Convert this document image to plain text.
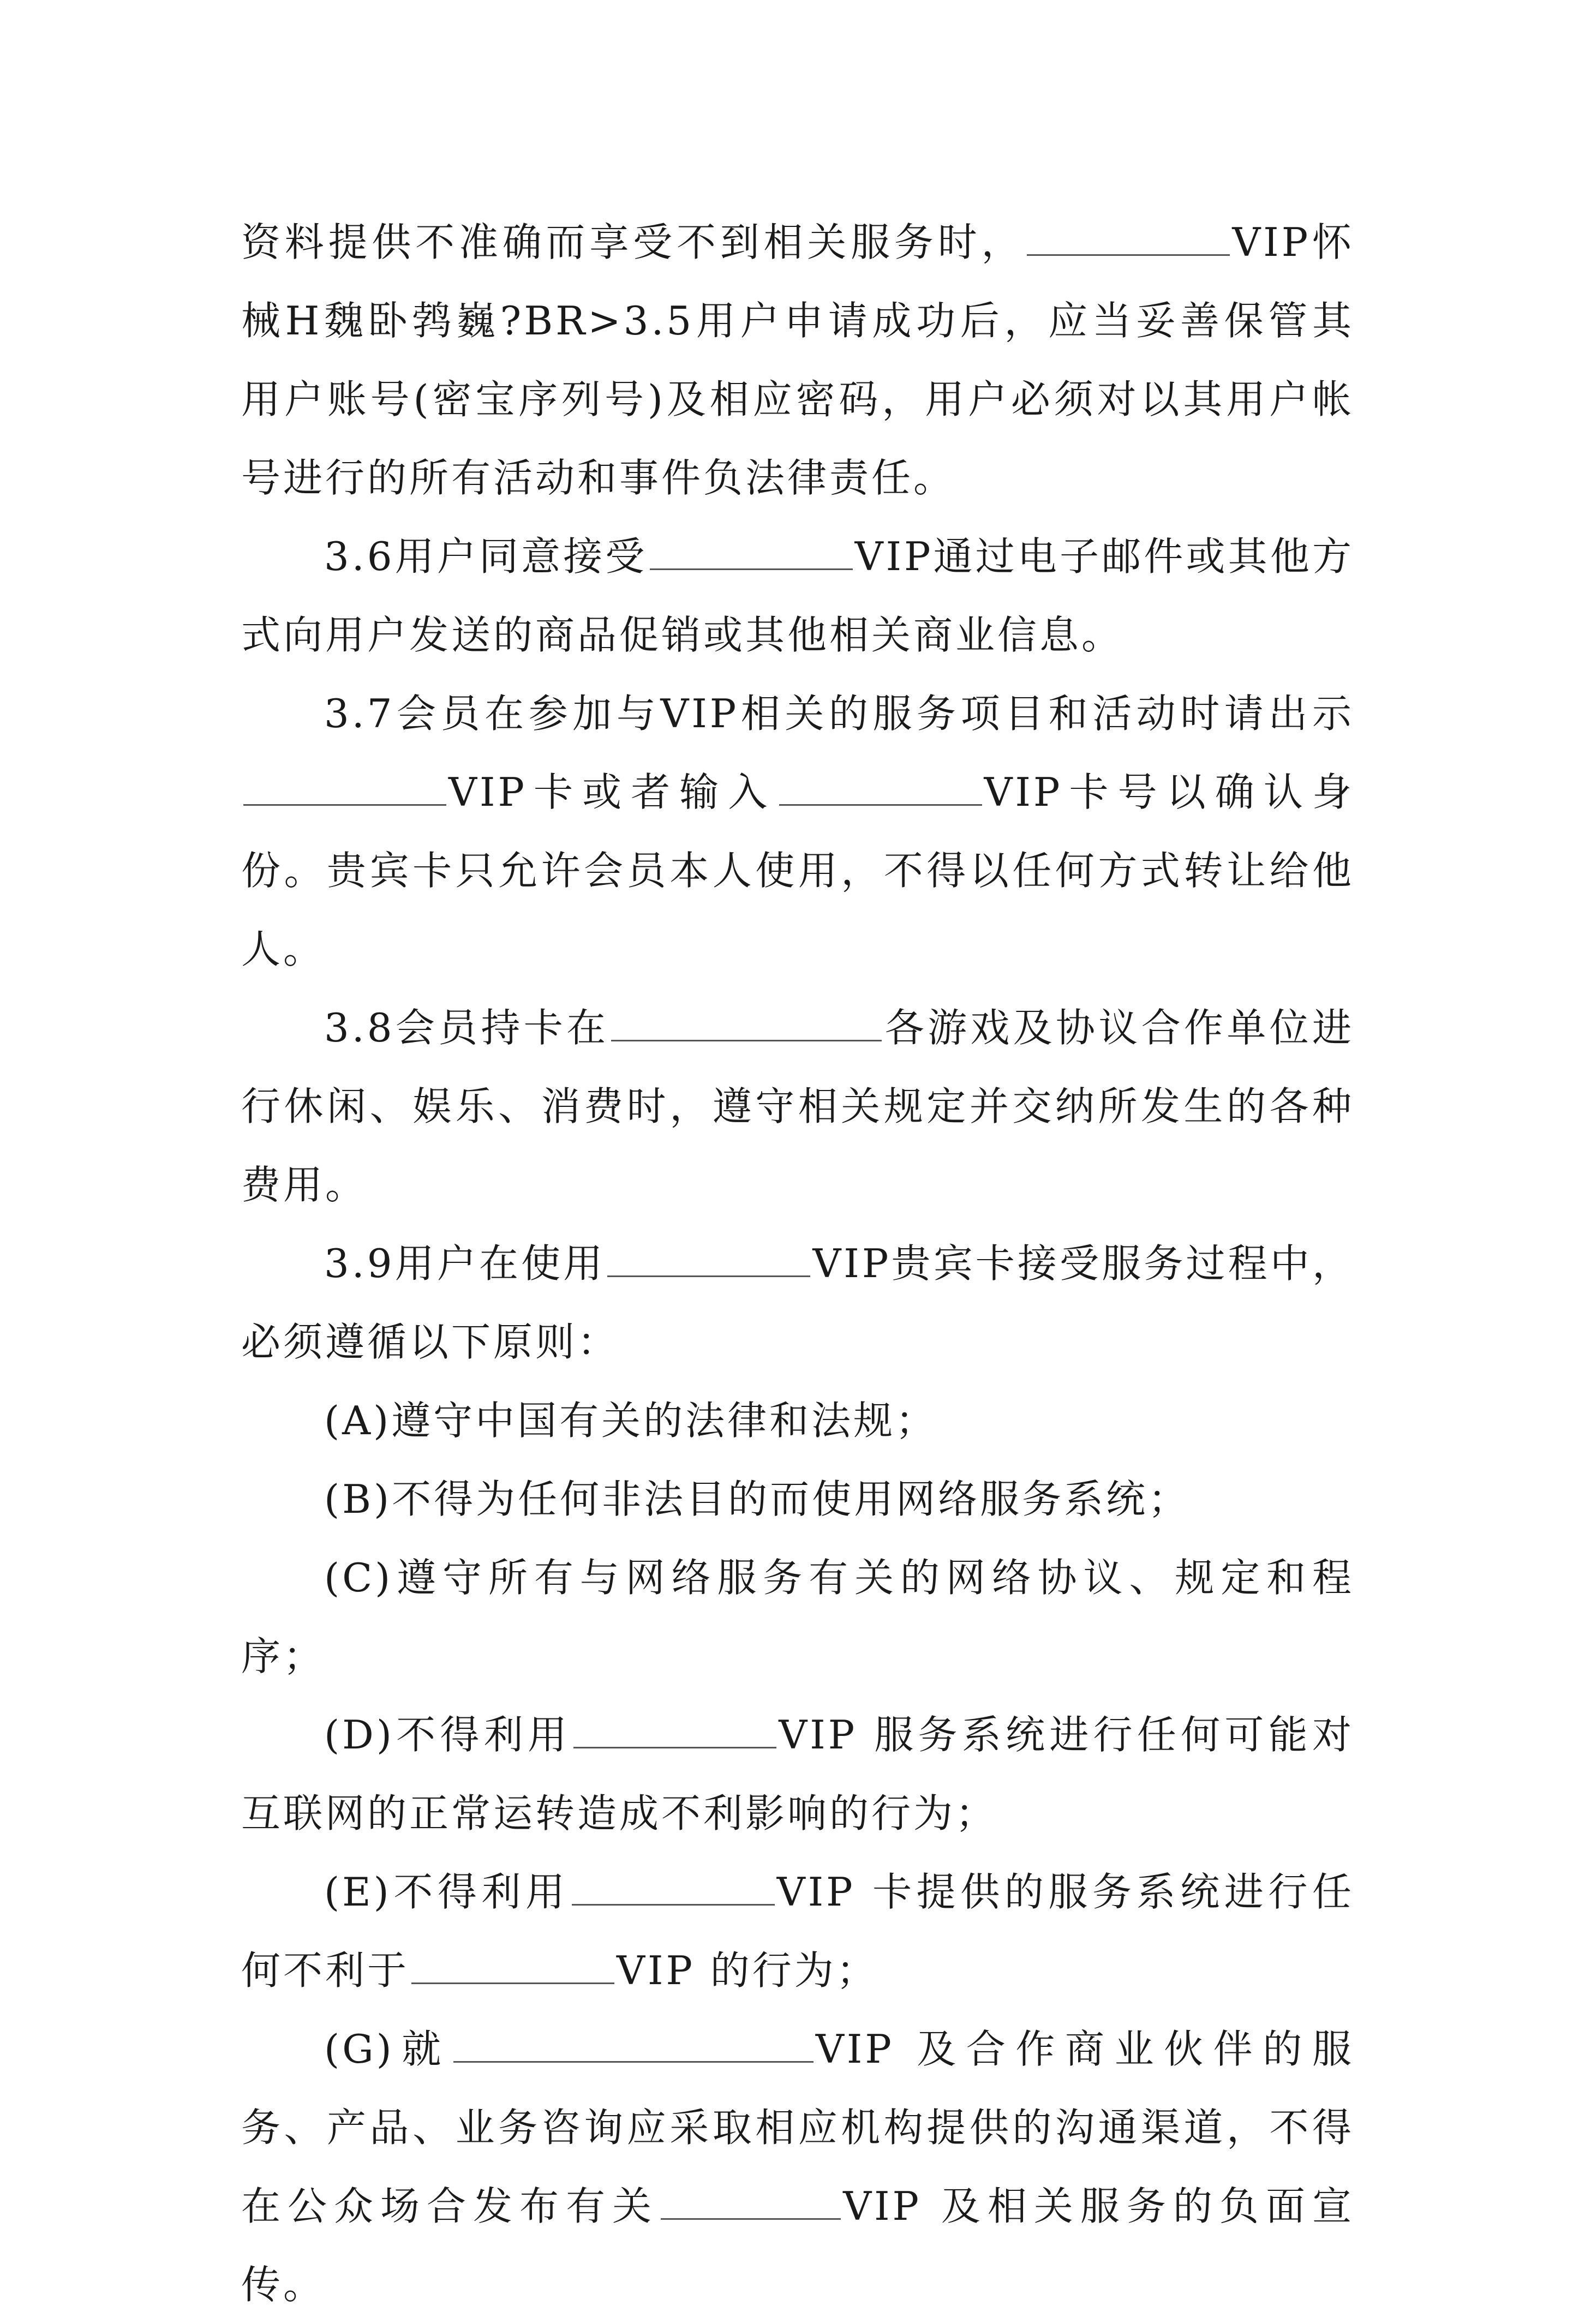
资料提供不准确而享受不到相关服务时，	VIP怀械H魏卧鹁巍?BR>3.5用户申请成功后，应当妥善保管其用户账号(密宝序列号)及相应密码，用户必须对以其用户帐号进行的所有活动和事件负法律责任。

3.6用户同意接受	VIP通过电子邮件或其他方式向用户发送的商品促销或其他相关商业信息。

3.7会员在参加与VIP相关的服务项目和活动时请出示VIP卡或者输入	VIP卡号以确认身份。贵宾卡只允许会员本人使用，不得以任何方式转让给他人。

3.8会员持卡在	各游戏及协议合作单位进行休闲、娱乐、消费时，遵守相关规定并交纳所发生的各种费用。

3.9用户在使用	VIP贵宾卡接受服务过程中，必须遵循以下原则：

(A)遵守中国有关的法律和法规；

(B)不得为任何非法目的而使用网络服务系统；

(C)遵守所有与网络服务有关的网络协议、规定和程序；

(D)不得利用	VIP 服务系统进行任何可能对互联网的正常运转造成不利影响的行为；

(E)不得利用	VIP 卡提供的服务系统进行任何不利于	VIP 的行为；

(G)就	VIP 及合作商业伙伴的服务、产品、业务咨询应采取相应机构提供的沟通渠道，不得在公众场合发布有关	VIP 及相关服务的负面宣传。
